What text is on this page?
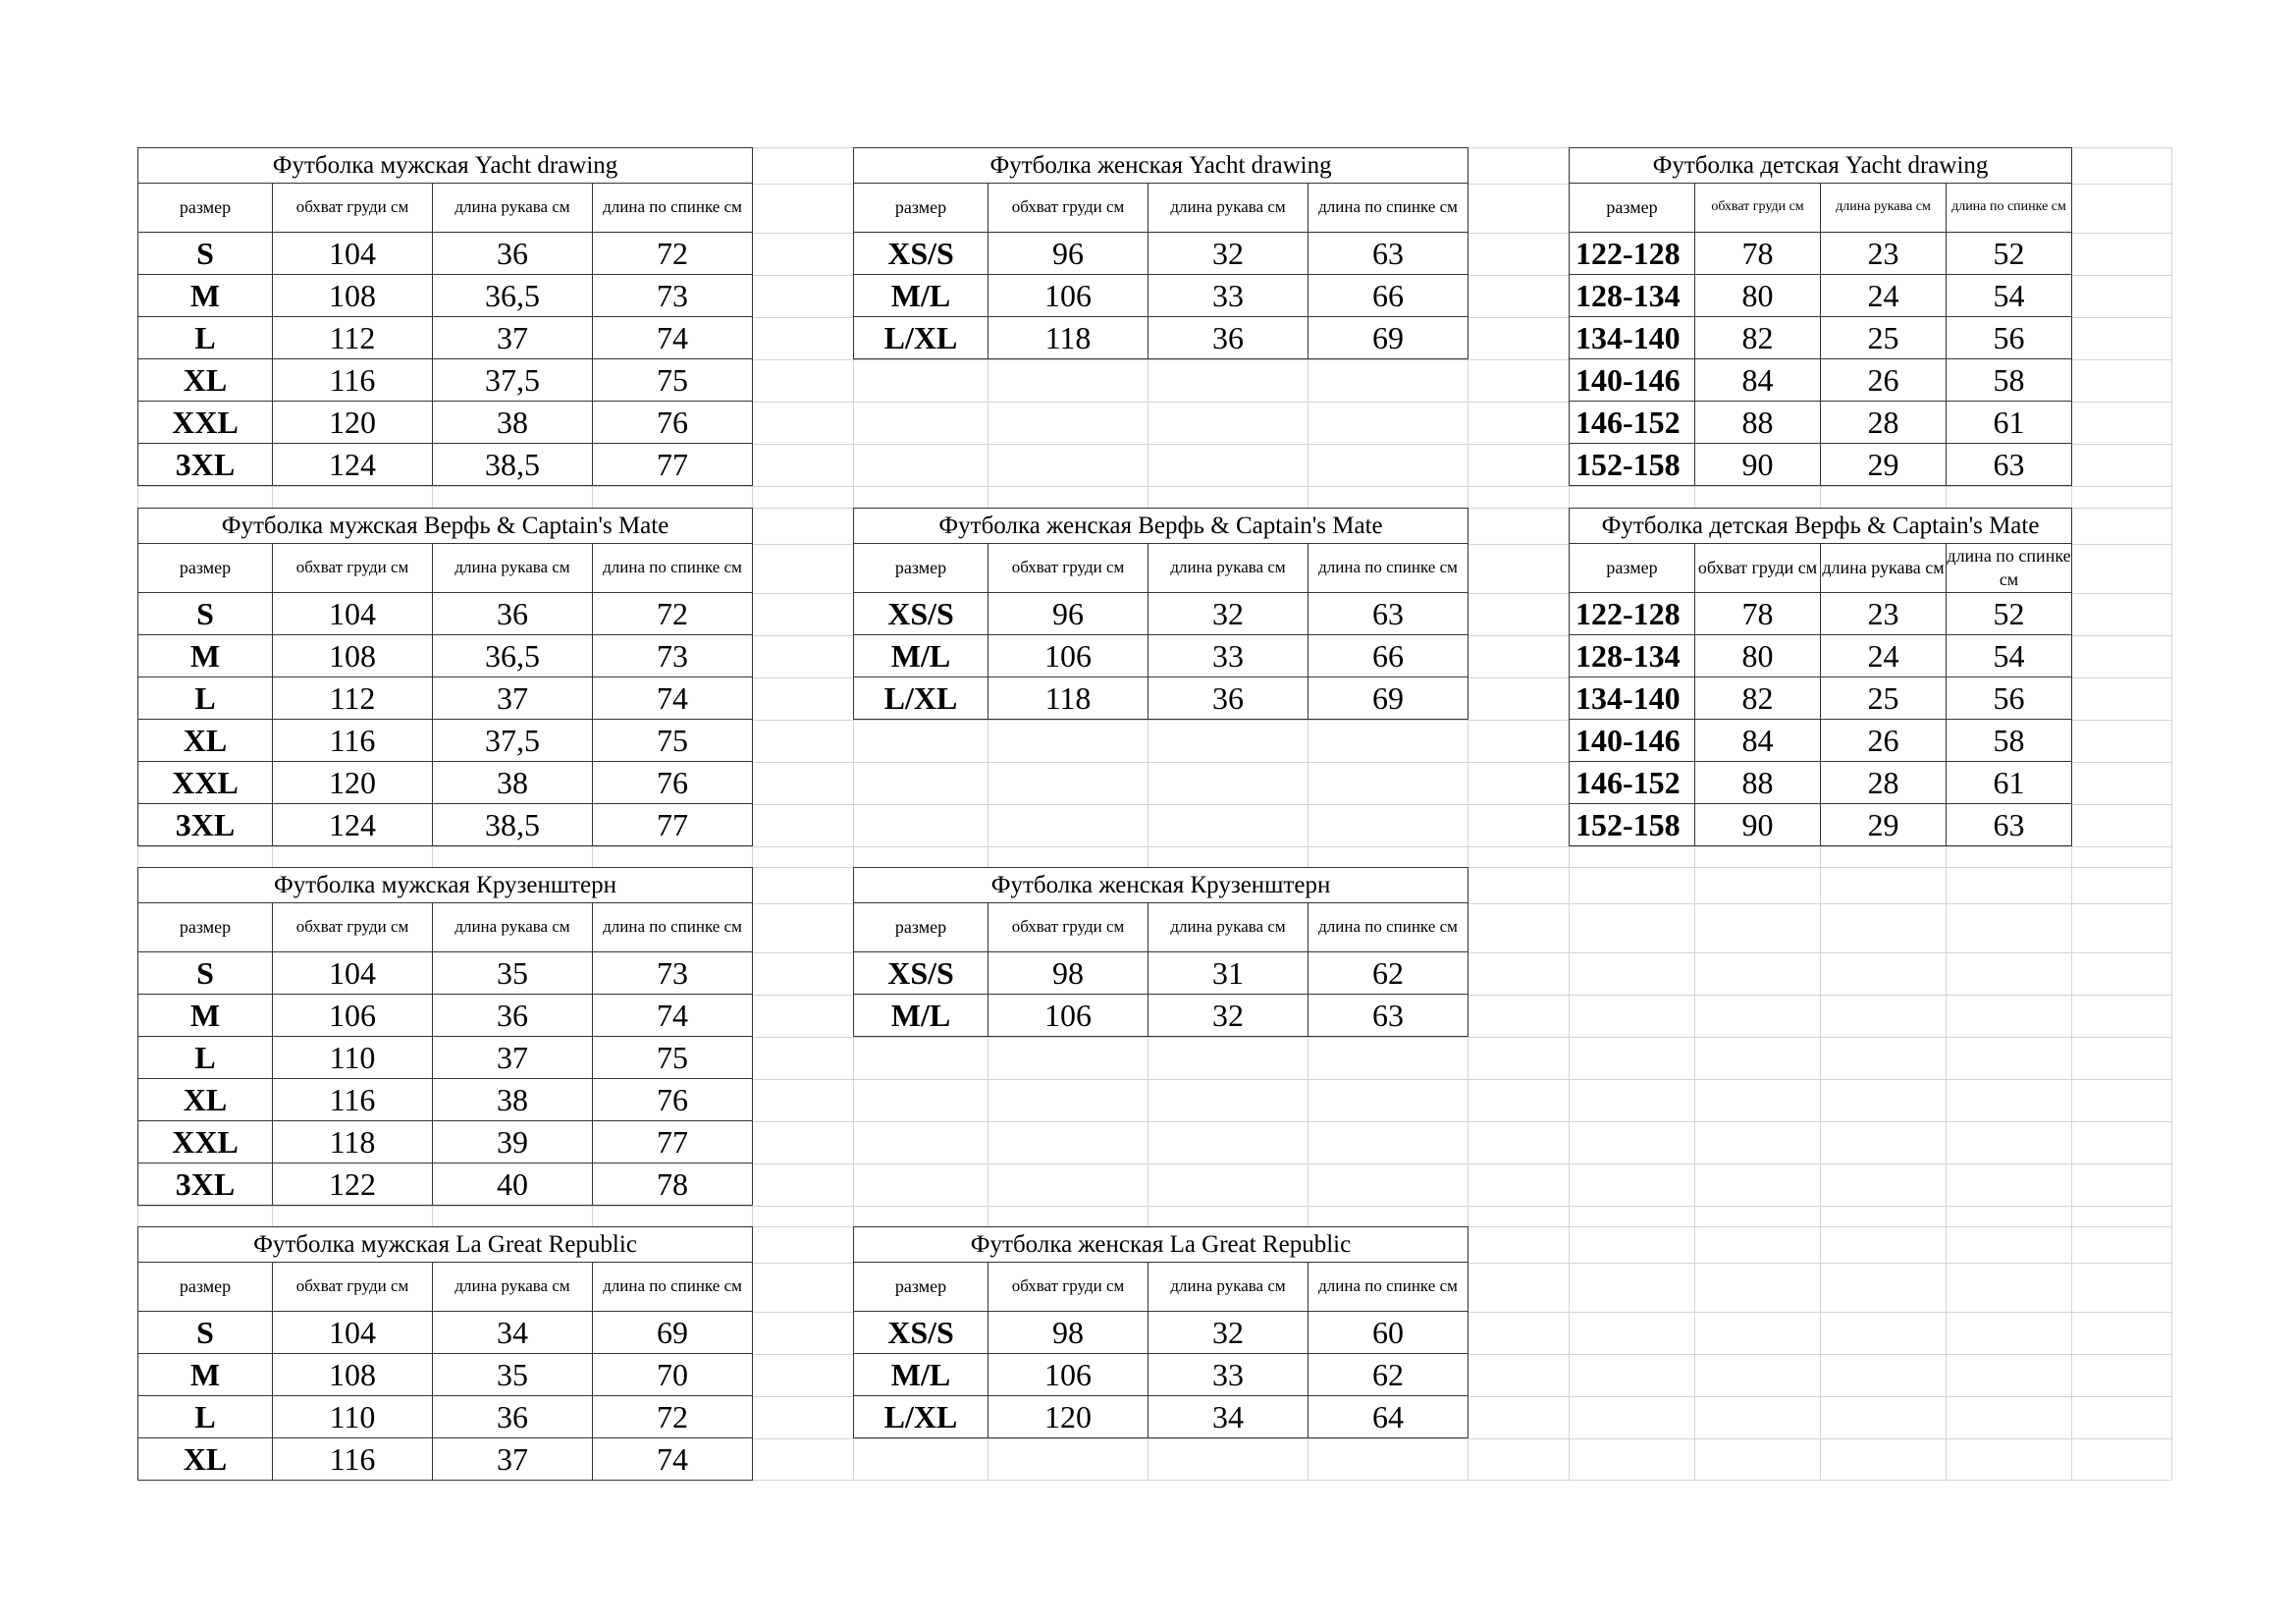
Футболка мужская Yacht drawing			
размер	обхват груди см	длина рукава см	длина по спинке см
S	104	36	72
M	108	36,5	73
L	112	37	74
XL	116	37,5	75
XXL	120	38	76
3XL	124	38,5	77
Футболка женская Yacht drawing			
размер	обхват груди см	длина рукава см	длина по спинке см
XS/S	96	32	63
M/L	106	33	66
L/XL	118	36	69
Футболка детская Yacht drawing			
размер	обхват груди см	длина рукава см	длина по спинке см
122-128	78	23	52
128-134	80	24	54
134-140	82	25	56
140-146	84	26	58
146-152	88	28	61
152-158	90	29	63
Футболка мужская Верфь & Captain's Mate			
размер	обхват груди см	длина рукава см	длина по спинке см
S	104	36	72
M	108	36,5	73
L	112	37	74
XL	116	37,5	75
XXL	120	38	76
3XL	124	38,5	77
Футболка женская Верфь & Captain's Mate			
размер	обхват груди см	длина рукава см	длина по спинке см
XS/S	96	32	63
M/L	106	33	66
L/XL	118	36	69
Футболка детская Верфь & Captain's Mate			
размер	обхват груди см	длина рукава см	длина по спинке см
122-128	78	23	52
128-134	80	24	54
134-140	82	25	56
140-146	84	26	58
146-152	88	28	61
152-158	90	29	63
Футболка мужская Крузенштерн			
размер	обхват груди см	длина рукава см	длина по спинке см
S	104	35	73
M	106	36	74
L	110	37	75
XL	116	38	76
XXL	118	39	77
3XL	122	40	78
Футболка женская Крузенштерн			
размер	обхват груди см	длина рукава см	длина по спинке см
XS/S	98	31	62
M/L	106	32	63
Футболка мужская La Great Republic			
размер	обхват груди см	длина рукава см	длина по спинке см
S	104	34	69
M	108	35	70
L	110	36	72
XL	116	37	74
Футболка женская La Great Republic			
размер	обхват груди см	длина рукава см	длина по спинке см
XS/S	98	32	60
M/L	106	33	62
L/XL	120	34	64
